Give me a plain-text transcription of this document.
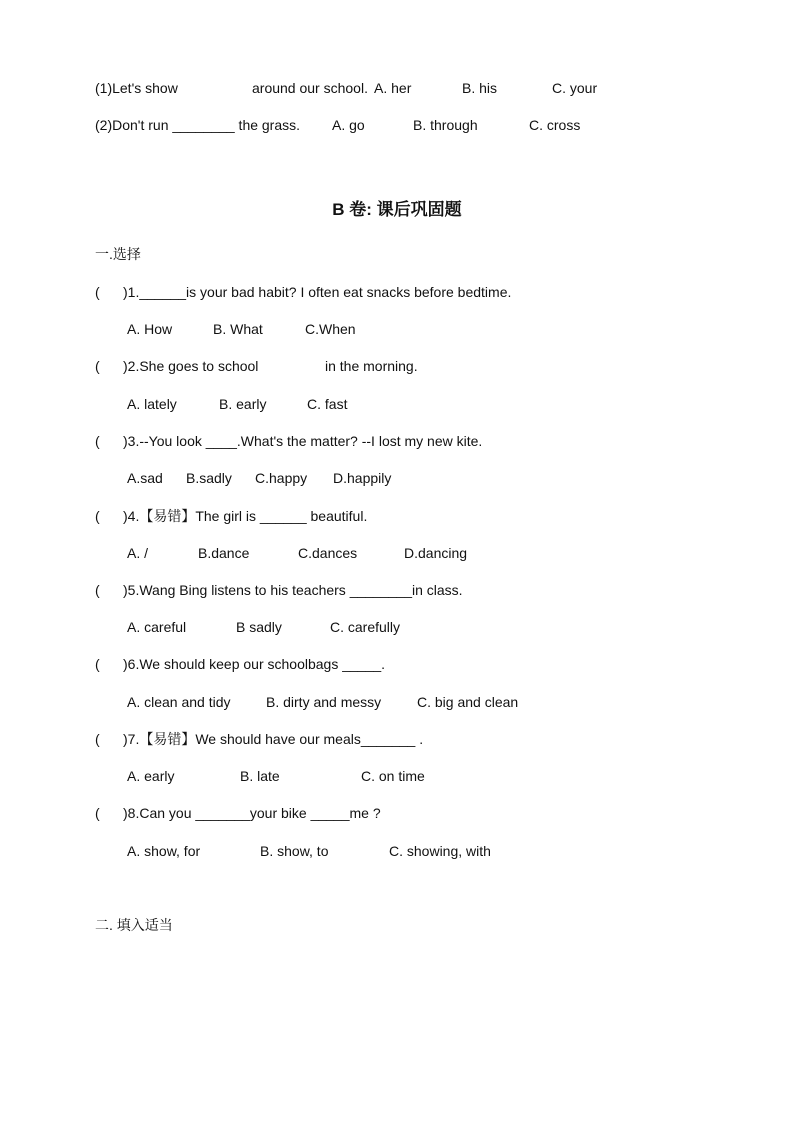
(1)Let's show	around our school. A. her	B. his	C. your
(2)Don't run ________ the grass. A. go	B. through	C. cross
B 卷: 课后巩固题
一.选择
( )1.______is your bad habit? I often eat snacks before bedtime.
A. How	B. What	C.When
( )2.She goes to school	in the morning.
A. lately	B. early	C. fast
( )3.--You look ____.What's the matter? --I lost my new kite.
A.sad B.sadly C.happy D.happily
( )4.【易错】The girl is ______ beautiful.
A. /	B.dance	C.dances	D.dancing
( )5.Wang Bing listens to his teachers ________in class.
A. careful	B sadly	C. carefully
( )6.We should keep our schoolbags _____.
A. clean and tidy	B. dirty and messy	C. big and clean
( )7.【易错】We should have our meals_______ .
A. early	B. late	C. on time
( )8.Can you _______your bike _____me ?
A. show, for	B. show, to	C. showing, with
二. 填入适当
